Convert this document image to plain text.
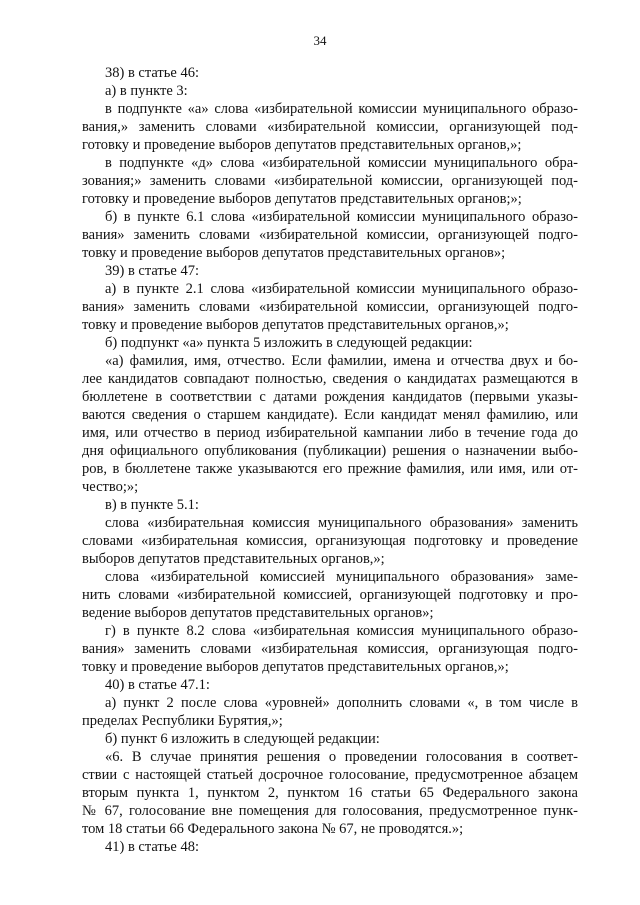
34
38) в статье 46:
а) в пункте 3:
в подпункте «а» слова «избирательной комиссии муниципального образо-
вания,» заменить словами «избирательной комиссии, организующей под-
готовку и проведение выборов депутатов представительных органов,»;
в подпункте «д» слова «избирательной комиссии муниципального обра-
зования;» заменить словами «избирательной комиссии, организующей под-
готовку и проведение выборов депутатов представительных органов;»;
б) в пункте 6.1 слова «избирательной комиссии муниципального образо-
вания» заменить словами «избирательной комиссии, организующей подго-
товку и проведение выборов депутатов представительных органов»;
39) в статье 47:
а) в пункте 2.1 слова «избирательной комиссии муниципального образо-
вания» заменить словами «избирательной комиссии, организующей подго-
товку и проведение выборов депутатов представительных органов,»;
б) подпункт «а» пункта 5 изложить в следующей редакции:
«а) фамилия, имя, отчество. Если фамилии, имена и отчества двух и бо-
лее кандидатов совпадают полностью, сведения о кандидатах размещаются в
бюллетене в соответствии с датами рождения кандидатов (первыми указы-
ваются сведения о старшем кандидате). Если кандидат менял фамилию, или
имя, или отчество в период избирательной кампании либо в течение года до
дня официального опубликования (публикации) решения о назначении выбо-
ров, в бюллетене также указываются его прежние фамилия, или имя, или от-
чество;»;
в) в пункте 5.1:
слова «избирательная комиссия муниципального образования» заменить
словами «избирательная комиссия, организующая подготовку и проведение
выборов депутатов представительных органов,»;
слова «избирательной комиссией муниципального образования» заме-
нить словами «избирательной комиссией, организующей подготовку и про-
ведение выборов депутатов представительных органов»;
г) в пункте 8.2 слова «избирательная комиссия муниципального образо-
вания» заменить словами «избирательная комиссия, организующая подго-
товку и проведение выборов депутатов представительных органов,»;
40) в статье 47.1:
а) пункт 2 после слова «уровней» дополнить словами «, в том числе в
пределах Республики Бурятия,»;
б) пункт 6 изложить в следующей редакции:
«6. В случае принятия решения о проведении голосования в соответ-
ствии с настоящей статьей досрочное голосование, предусмотренное абзацем
вторым пункта 1, пунктом 2, пунктом 16 статьи 65 Федерального закона
№ 67, голосование вне помещения для голосования, предусмотренное пунк-
том 18 статьи 66 Федерального закона № 67, не проводятся.»;
41) в статье 48:
